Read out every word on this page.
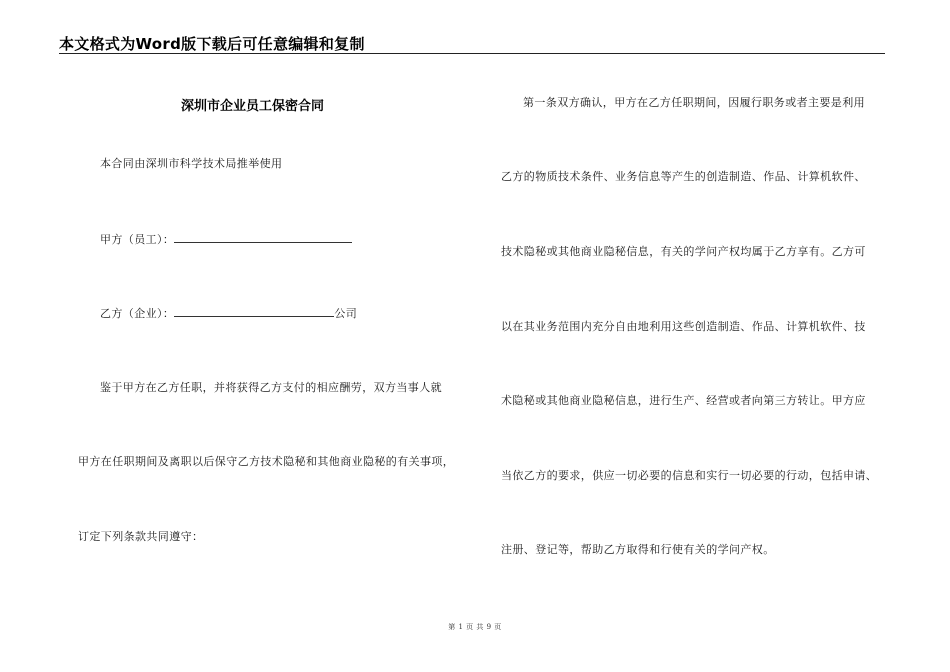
本文格式为Word版下载后可任意编辑和复制
深圳市企业员工保密合同
本合同由深圳市科学技术局推举使用
甲方（员工）：
乙方（企业）：	公司
鉴于甲方在乙方任职，并将获得乙方支付的相应酬劳，双方当事人就
甲方在任职期间及离职以后保守乙方技术隐秘和其他商业隐秘的有关事项，
订定下列条款共同遵守：
第一条双方确认，甲方在乙方任职期间，因履行职务或者主要是利用
乙方的物质技术条件、业务信息等产生的创造制造、作品、计算机软件、
技术隐秘或其他商业隐秘信息，有关的学问产权均属于乙方享有。乙方可
以在其业务范围内充分自由地利用这些创造制造、作品、计算机软件、技
术隐秘或其他商业隐秘信息，进行生产、经营或者向第三方转让。甲方应
当依乙方的要求，供应一切必要的信息和实行一切必要的行动，包括申请、
注册、登记等，帮助乙方取得和行使有关的学问产权。
第 1 页 共 9 页
